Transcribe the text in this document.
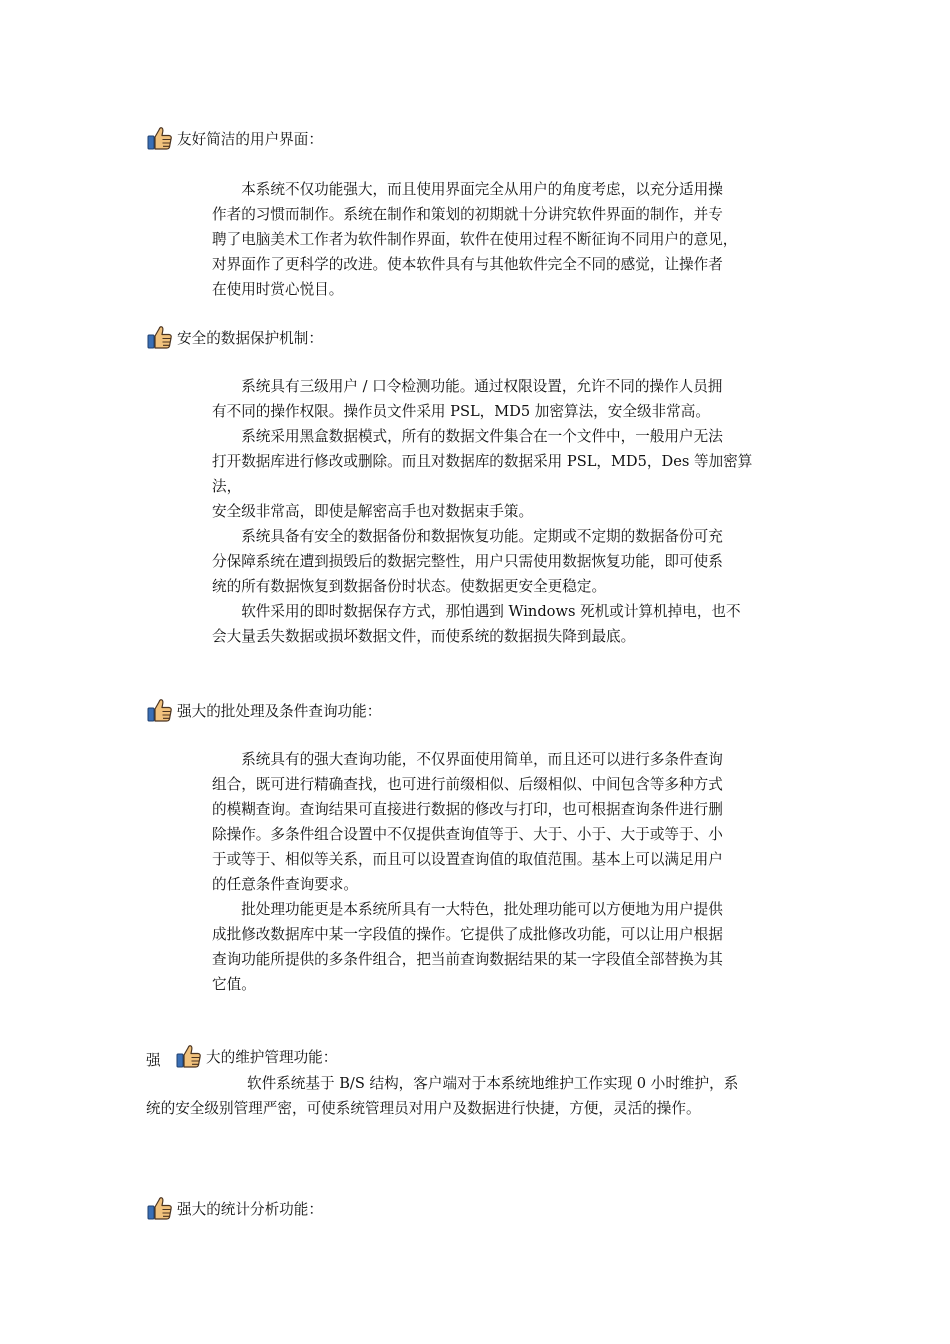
友好简洁的用户界面：
本系统不仅功能强大，而且使用界面完全从用户的角度考虑，以充分适用操
作者的习惯而制作。系统在制作和策划的初期就十分讲究软件界面的制作，并专
聘了电脑美术工作者为软件制作界面，软件在使用过程不断征询不同用户的意见，
对界面作了更科学的改进。使本软件具有与其他软件完全不同的感觉，让操作者
在使用时赏心悦目。
安全的数据保护机制：
系统具有三级用户 / 口令检测功能。通过权限设置，允许不同的操作人员拥
有不同的操作权限。操作员文件采用 PSL，MD5 加密算法，安全级非常高。
系统采用黑盒数据模式，所有的数据文件集合在一个文件中，一般用户无法
打开数据库进行修改或删除。而且对数据库的数据采用 PSL，MD5，Des 等加密算
法，
安全级非常高，即使是解密高手也对数据束手策。
系统具备有安全的数据备份和数据恢复功能。定期或不定期的数据备份可充
分保障系统在遭到损毁后的数据完整性，用户只需使用数据恢复功能，即可使系
统的所有数据恢复到数据备份时状态。使数据更安全更稳定。
软件采用的即时数据保存方式，那怕遇到 Windows 死机或计算机掉电，也不
会大量丢失数据或损坏数据文件，而使系统的数据损失降到最底。
强大的批处理及条件查询功能：
系统具有的强大查询功能，不仅界面使用简单，而且还可以进行多条件查询
组合，既可进行精确查找，也可进行前缀相似、后缀相似、中间包含等多种方式
的模糊查询。查询结果可直接进行数据的修改与打印，也可根据查询条件进行删
除操作。多条件组合设置中不仅提供查询值等于、大于、小于、大于或等于、小
于或等于、相似等关系，而且可以设置查询值的取值范围。基本上可以满足用户
的任意条件查询要求。
批处理功能更是本系统所具有一大特色，批处理功能可以方便地为用户提供
成批修改数据库中某一字段值的操作。它提供了成批修改功能，可以让用户根据
查询功能所提供的多条件组合，把当前查询数据结果的某一字段值全部替换为其
它值。
强	大的维护管理功能：
软件系统基于 B/S 结构，客户端对于本系统地维护工作实现 0 小时维护，系
统的安全级别管理严密，可使系统管理员对用户及数据进行快捷，方便，灵活的操作。
强大的统计分析功能：
